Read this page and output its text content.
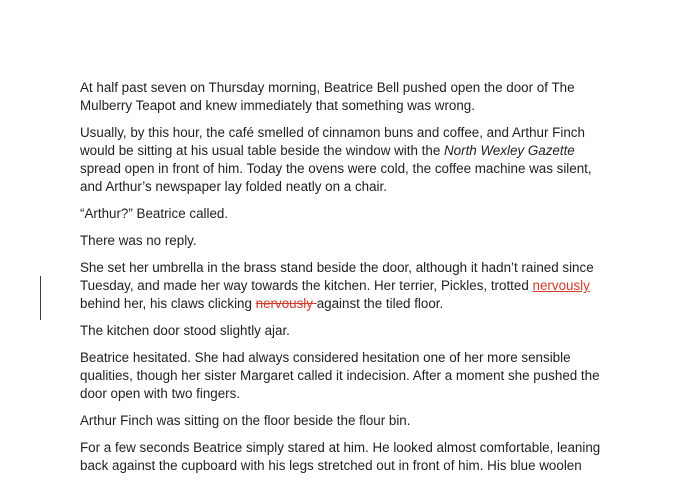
At half past seven on Thursday morning, Beatrice Bell pushed open the door of The Mulberry Teapot and knew immediately that something was wrong.

Usually, by this hour, the café smelled of cinnamon buns and coffee, and Arthur Finch would be sitting at his usual table beside the window with the North Wexley Gazette spread open in front of him. Today the ovens were cold, the coffee machine was silent, and Arthur’s newspaper lay folded neatly on a chair.

“Arthur?” Beatrice called.

There was no reply.

She set her umbrella in the brass stand beside the door, although it hadn’t rained since Tuesday, and made her way towards the kitchen. Her terrier, Pickles, trotted nervously behind her, his claws clicking nervously against the tiled floor.

The kitchen door stood slightly ajar.

Beatrice hesitated. She had always considered hesitation one of her more sensible qualities, though her sister Margaret called it indecision. After a moment she pushed the door open with two fingers.

Arthur Finch was sitting on the floor beside the flour bin.

For a few seconds Beatrice simply stared at him. He looked almost comfortable, leaning back against the cupboard with his legs stretched out in front of him. His blue woolen
